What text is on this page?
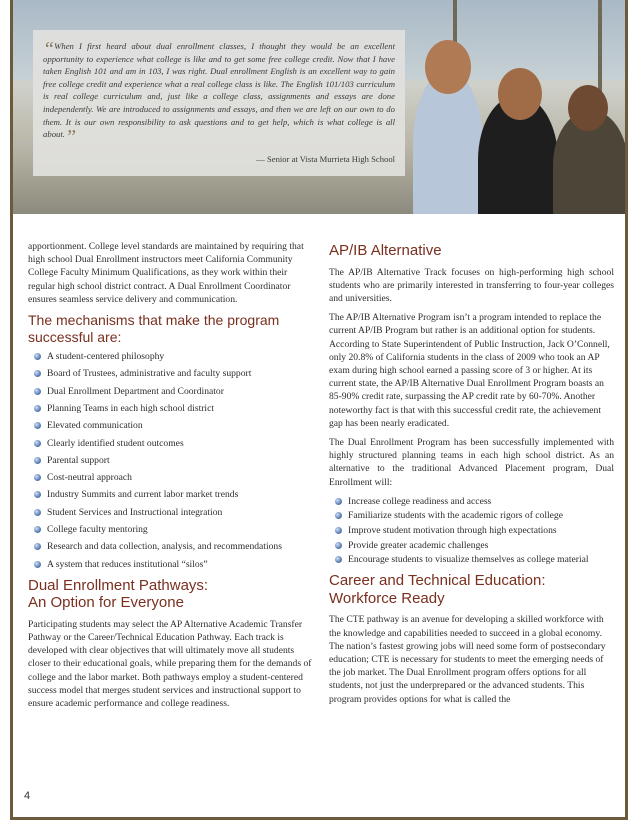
“When I first heard about dual enrollment classes, I thought they would be an excellent opportunity to experience what college is like and to get some free college credit. Now that I have taken English 101 and am in 103, I was right. Dual enrollment English is an excellent way to gain free college credit and experience what a real college class is like. The English 101/103 curriculum is real college curriculum and, just like a college class, assignments and essays are done independently. We are introduced to assignments and essays, and then we are left on our own to do them. It is our own responsibility to ask questions and to get help, which is what college is all about.”
— Senior at Vista Murrieta High School

apportionment. College level standards are maintained by requiring that high school Dual Enrollment instructors meet California Community College Faculty Minimum Qualifications, as they work within their regular high school district contract. A Dual Enrollment Coordinator ensures seamless service delivery and communication.

The mechanisms that make the program successful are:
A student-centered philosophy
Board of Trustees, administrative and faculty support
Dual Enrollment Department and Coordinator
Planning Teams in each high school district
Elevated communication
Clearly identified student outcomes
Parental support
Cost-neutral approach
Industry Summits and current labor market trends
Student Services and Instructional integration
College faculty mentoring
Research and data collection, analysis, and recommendations
A system that reduces institutional “silos”
Dual Enrollment Pathways:
An Option for Everyone

Participating students may select the AP Alternative Academic Transfer Pathway or the Career/Technical Education Pathway. Each track is developed with clear objectives that will ultimately move all students closer to their educational goals, while preparing them for the demands of college and the labor market. Both pathways employ a student-centered success model that merges student services and instructional support to ensure academic performance and college readiness.

AP/IB Alternative

The AP/IB Alternative Track focuses on high-performing high school students who are primarily interested in transferring to four-year colleges and universities.

The AP/IB Alternative Program isn’t a program intended to replace the current AP/IB Program but rather is an additional option for students. According to State Superintendent of Public Instruction, Jack O’Connell, only 20.8% of California students in the class of 2009 who took an AP exam during high school earned a passing score of 3 or higher. At its current state, the AP/IB Alternative Dual Enrollment Program boasts an 85-90% credit rate, surpassing the AP credit rate by 60-70%. Another noteworthy fact is that with this successful credit rate, the achievement gap has been nearly eradicated.

The Dual Enrollment Program has been successfully implemented with highly structured planning teams in each high school district. As an alternative to the traditional Advanced Placement program, Dual Enrollment will:

Increase college readiness and access
Familiarize students with the academic rigors of college
Improve student motivation through high expectations
Provide greater academic challenges
Encourage students to visualize themselves as college material
Career and Technical Education:
Workforce Ready

The CTE pathway is an avenue for developing a skilled workforce with the knowledge and capabilities needed to succeed in a global economy. The nation’s fastest growing jobs will need some form of postsecondary education; CTE is necessary for students to meet the emerging needs of the job market. The Dual Enrollment program offers options for all students, not just the underprepared or the advanced students. This program provides options for what is called the

4
